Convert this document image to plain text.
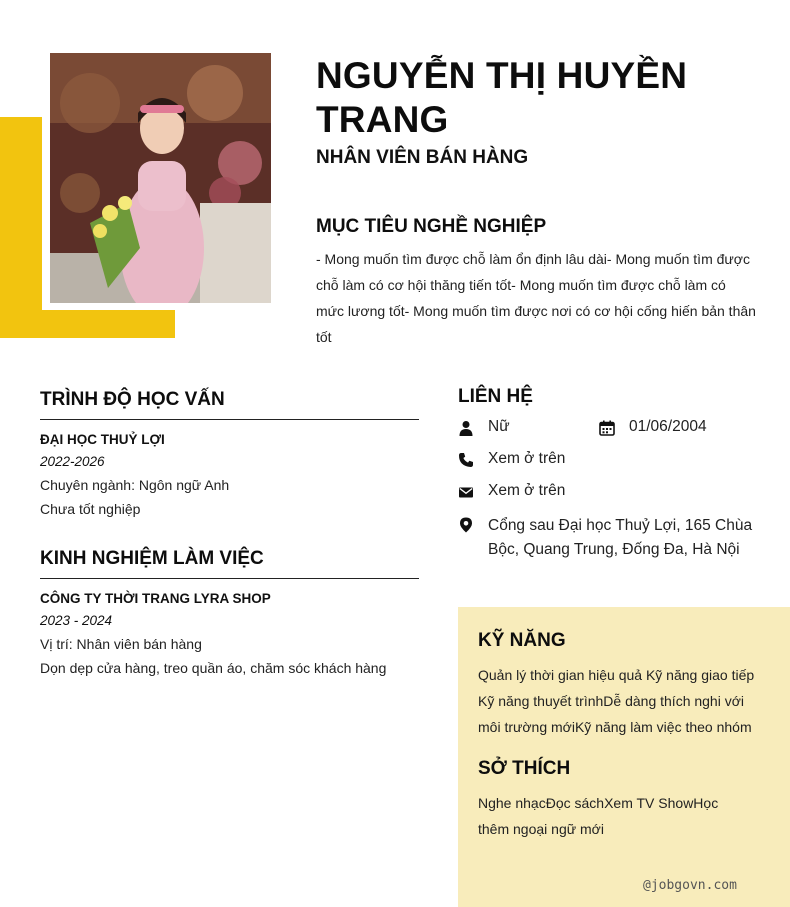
NGUYỄN THỊ HUYỀN TRANG
NHÂN VIÊN BÁN HÀNG
MỤC TIÊU NGHỀ NGHIỆP
- Mong muốn tìm được chỗ làm ổn định lâu dài- Mong muốn tìm được chỗ làm có cơ hội thăng tiến tốt- Mong muốn tìm được chỗ làm có mức lương tốt- Mong muốn tìm được nơi có cơ hội cống hiến bản thân tốt
TRÌNH ĐỘ HỌC VẤN
ĐẠI HỌC THUỶ LỢI
2022-2026
Chuyên ngành: Ngôn ngữ Anh
Chưa tốt nghiệp
KINH NGHIỆM LÀM VIỆC
CÔNG TY THỜI TRANG LYRA SHOP
2023 - 2024
Vị trí: Nhân viên bán hàng
Dọn dẹp cửa hàng, treo quần áo, chăm sóc khách hàng
LIÊN HỆ
Nữ	01/06/2004
Xem ở trên
Xem ở trên
Cổng sau Đại học Thuỷ Lợi, 165 Chùa Bộc, Quang Trung, Đống Đa, Hà Nội
KỸ NĂNG
Quản lý thời gian hiệu quả Kỹ năng giao tiếp Kỹ năng thuyết trìnhDễ dàng thích nghi với môi trường mớiKỹ năng làm việc theo nhóm
SỞ THÍCH
Nghe nhạcĐọc sáchXem TV ShowHọc thêm ngoại ngữ mới
@jobgovn.com
